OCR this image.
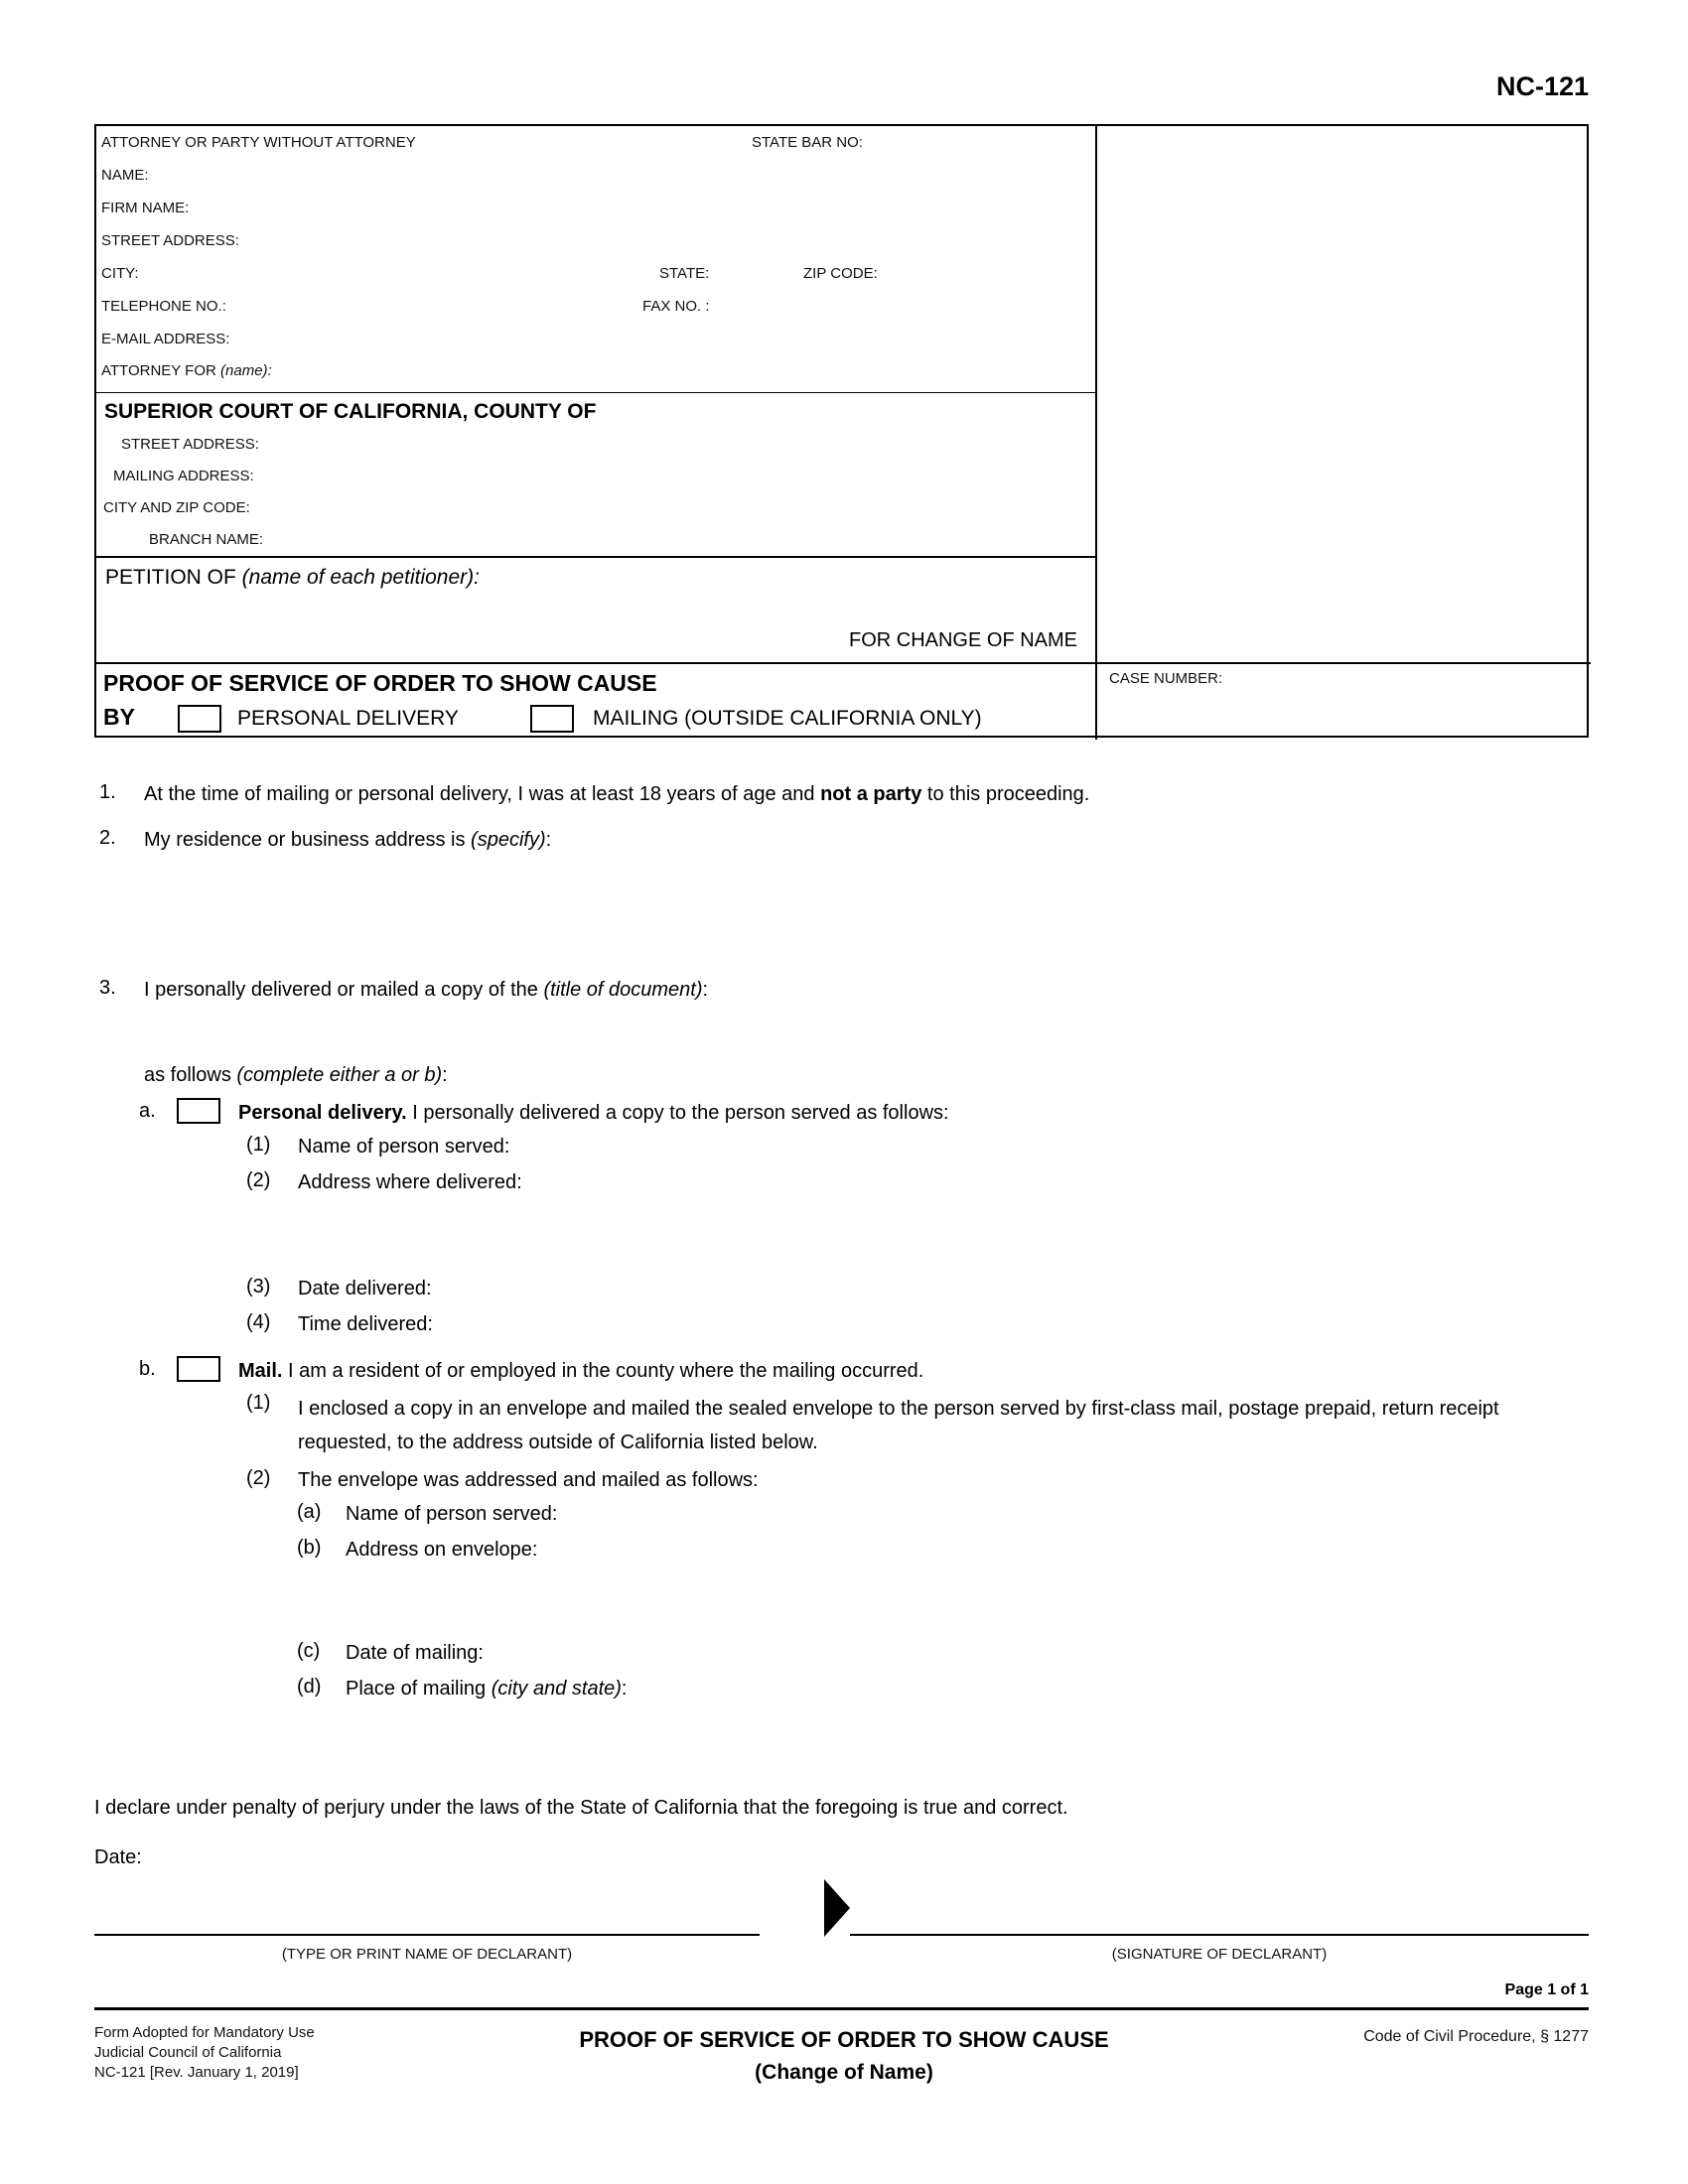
NC-121
ATTORNEY OR PARTY WITHOUT ATTORNEY	STATE BAR NO:
NAME:
FIRM NAME:
STREET ADDRESS:
CITY:	STATE:	ZIP CODE:
TELEPHONE NO.:	FAX NO. :
E-MAIL ADDRESS:
ATTORNEY FOR (name):
SUPERIOR COURT OF CALIFORNIA, COUNTY OF
STREET ADDRESS:
MAILING ADDRESS:
CITY AND ZIP CODE:
BRANCH NAME:
PETITION OF (name of each petitioner):
FOR CHANGE OF NAME
PROOF OF SERVICE OF ORDER TO SHOW CAUSE
BY	PERSONAL DELIVERY	MAILING (OUTSIDE CALIFORNIA ONLY)
CASE NUMBER:
1. At the time of mailing or personal delivery, I was at least 18 years of age and not a party to this proceeding.
2. My residence or business address is (specify):
3. I personally delivered or mailed a copy of the (title of document):
as follows (complete either a or b):
a.	Personal delivery. I personally delivered a copy to the person served as follows:
(1) Name of person served:
(2) Address where delivered:
(3) Date delivered:
(4) Time delivered:
b.	Mail. I am a resident of or employed in the county where the mailing occurred.
(1) I enclosed a copy in an envelope and mailed the sealed envelope to the person served by first-class mail, postage prepaid, return receipt requested, to the address outside of California listed below.
(2) The envelope was addressed and mailed as follows:
(a) Name of person served:
(b) Address on envelope:
(c) Date of mailing:
(d) Place of mailing (city and state):
I declare under penalty of perjury under the laws of the State of California that the foregoing is true and correct.
Date:
(TYPE OR PRINT NAME OF DECLARANT)	(SIGNATURE OF DECLARANT)
Page 1 of 1
Form Adopted for Mandatory Use
Judicial Council of California
NC-121 [Rev. January 1, 2019]
PROOF OF SERVICE OF ORDER TO SHOW CAUSE
(Change of Name)
Code of Civil Procedure, § 1277
